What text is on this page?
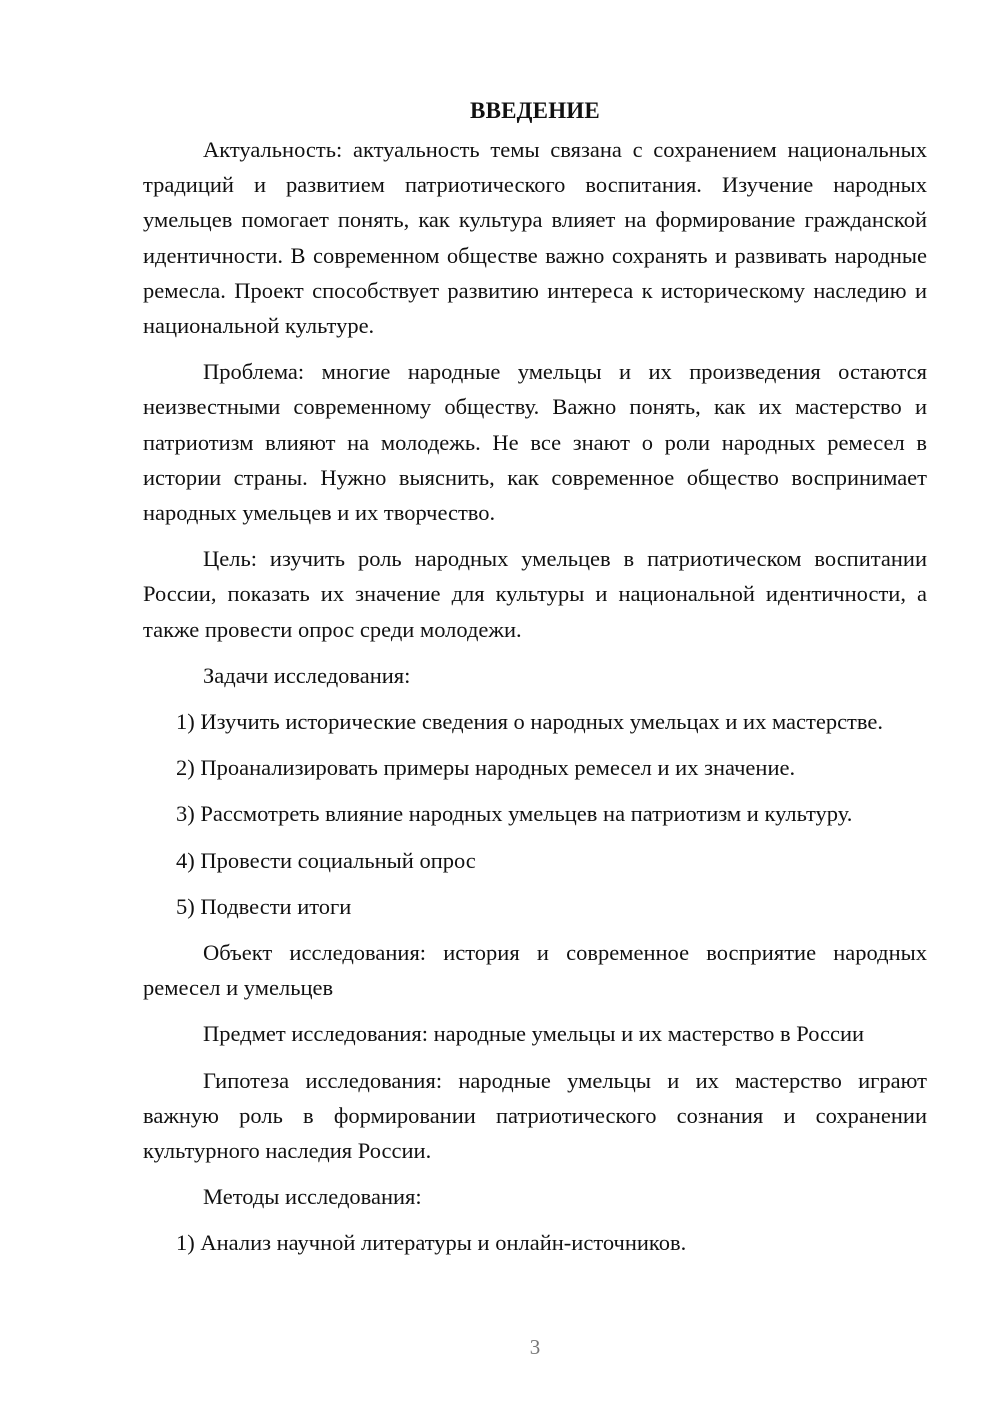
ВВЕДЕНИЕ

Актуальность: актуальность темы связана с сохранением национальных традиций и развитием патриотического воспитания. Изучение народных умельцев помогает понять, как культура влияет на формирование гражданской идентичности. В современном обществе важно сохранять и развивать народные ремесла. Проект способствует развитию интереса к историческому наследию и национальной культуре.

Проблема: многие народные умельцы и их произведения остаются неизвестными современному обществу. Важно понять, как их мастерство и патриотизм влияют на молодежь. Не все знают о роли народных ремесел в истории страны. Нужно выяснить, как современное общество воспринимает народных умельцев и их творчество.

Цель: изучить роль народных умельцев в патриотическом воспитании России, показать их значение для культуры и национальной идентичности, а также провести опрос среди молодежи.

Задачи исследования:

1) Изучить исторические сведения о народных умельцах и их мастерстве.

2) Проанализировать примеры народных ремесел и их значение.

3) Рассмотреть влияние народных умельцев на патриотизм и культуру.

4) Провести социальный опрос

5) Подвести итоги

Объект исследования: история и современное восприятие народных ремесел и умельцев

Предмет исследования: народные умельцы и их мастерство в России

Гипотеза исследования: народные умельцы и их мастерство играют важную роль в формировании патриотического сознания и сохранении культурного наследия России.

Методы исследования:

1) Анализ научной литературы и онлайн-источников.

3
